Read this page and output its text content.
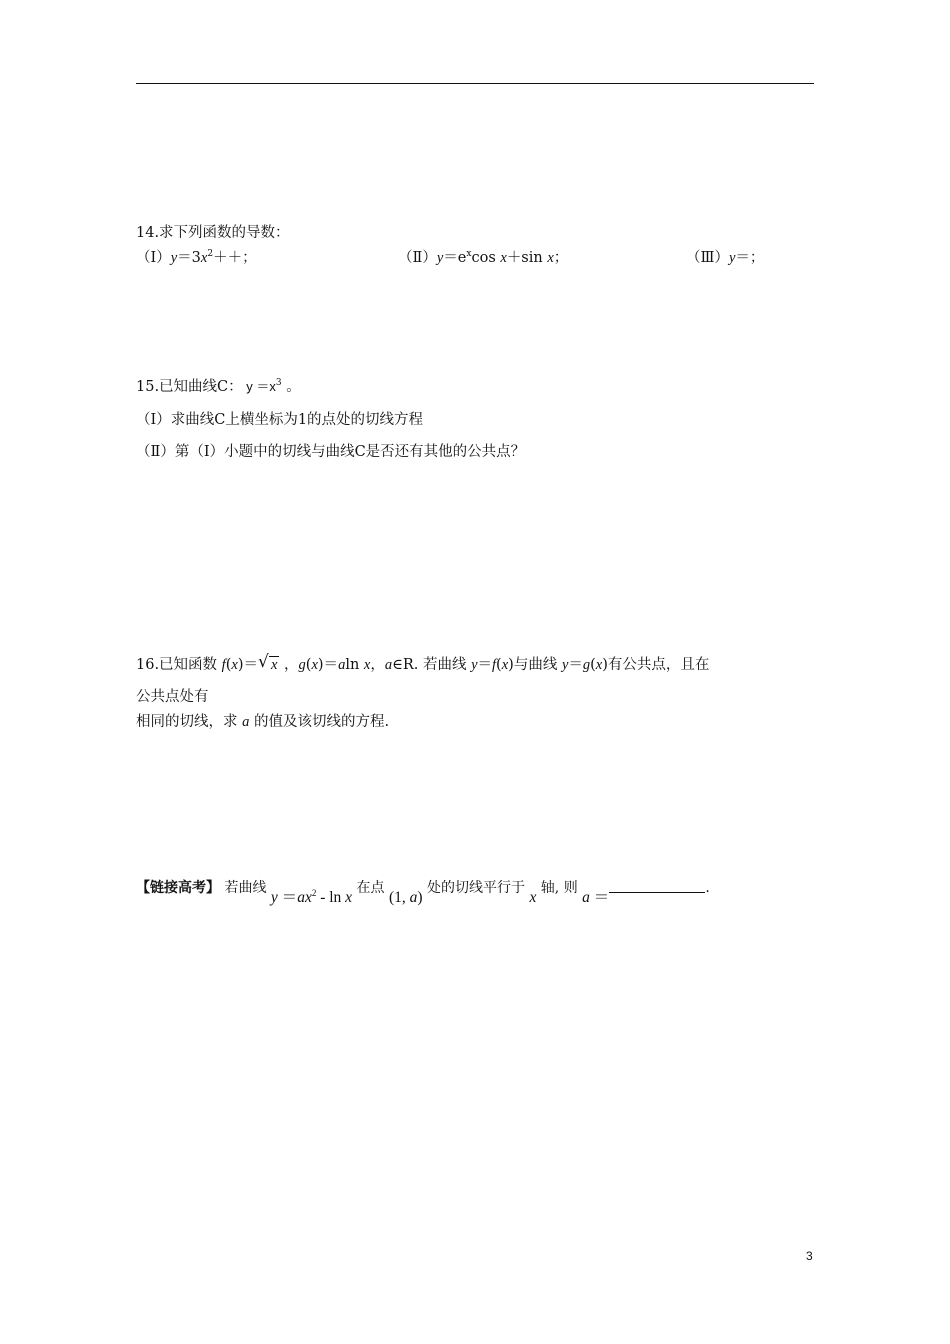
14.求下列函数的导数：
$(Ⅰ)y=3x^2++$；	$(Ⅱ)y=e^x\cos$ x＋sin x；	（Ⅲ）y＝；
15.已知曲线C： $y =x^3$ 。
（Ⅰ）求曲线C上横坐标为1的点处的切线方程
（Ⅱ）第（Ⅰ）小题中的切线与曲线C是否还有其他的公共点？
16.已知函数 f(x)＝ √ x ，g(x)＝aln x，a∈R. 若曲线 y＝f(x)与曲线 y＝g(x)有公共点，且在
公共点处有
相同的切线，求 a 的值及该切线的方程.
【链接高考】 若曲线 $y =ax^2 - \ln x$ 在点 (1, a) 处的切线平行于 x 轴, 则 a ＝.
3
